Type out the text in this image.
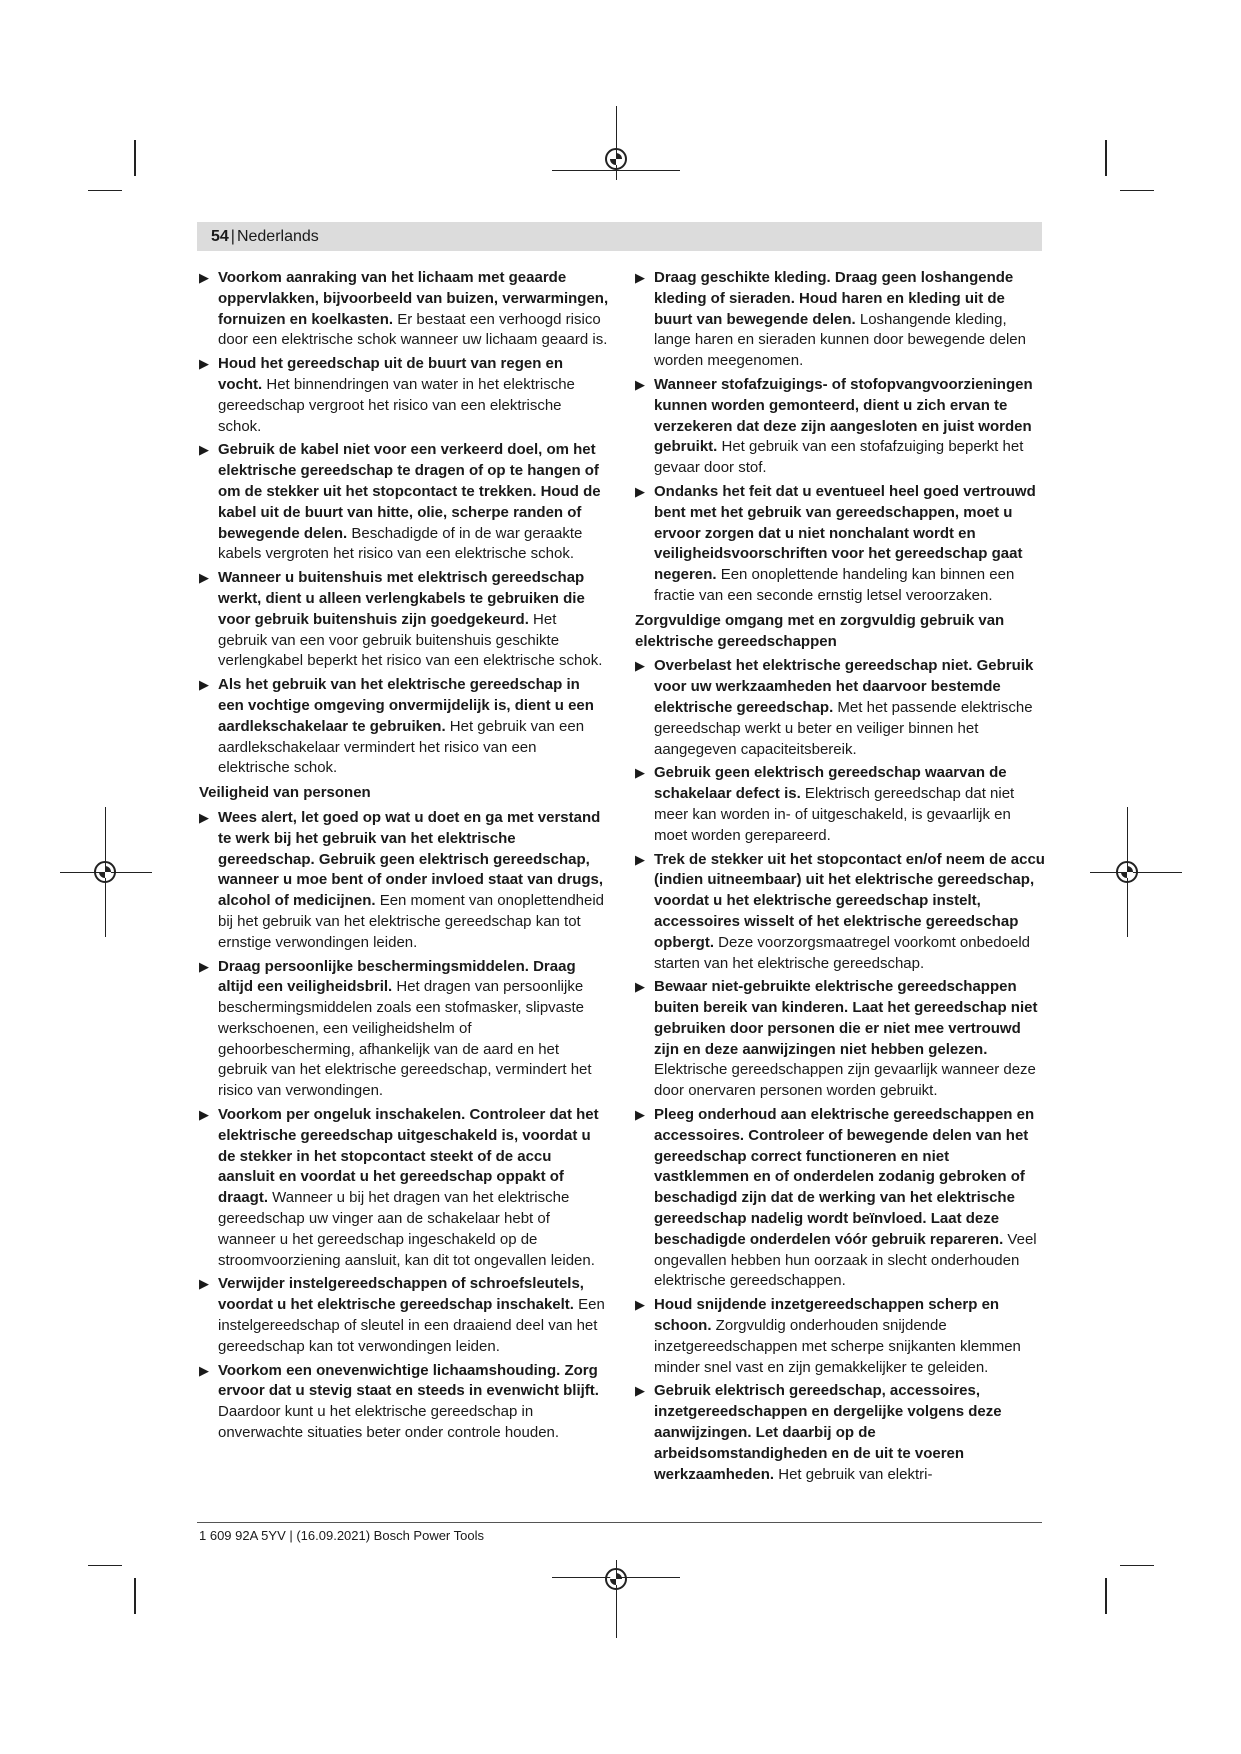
54 | Nederlands
▶ Voorkom aanraking van het lichaam met geaarde oppervlakken, bijvoorbeeld van buizen, verwarmingen, fornuizen en koelkasten. Er bestaat een verhoogd risico door een elektrische schok wanneer uw lichaam geaard is.
▶ Houd het gereedschap uit de buurt van regen en vocht. Het binnendringen van water in het elektrische gereedschap vergroot het risico van een elektrische schok.
▶ Gebruik de kabel niet voor een verkeerd doel, om het elektrische gereedschap te dragen of op te hangen of om de stekker uit het stopcontact te trekken. Houd de kabel uit de buurt van hitte, olie, scherpe randen of bewegende delen. Beschadigde of in de war geraakte kabels vergroten het risico van een elektrische schok.
▶ Wanneer u buitenshuis met elektrisch gereedschap werkt, dient u alleen verlengkabels te gebruiken die voor gebruik buitenshuis zijn goedgekeurd. Het gebruik van een voor gebruik buitenshuis geschikte verlengkabel beperkt het risico van een elektrische schok.
▶ Als het gebruik van het elektrische gereedschap in een vochtige omgeving onvermijdelijk is, dient u een aardlekschakelaar te gebruiken. Het gebruik van een aardlekschakelaar vermindert het risico van een elektrische schok.
Veiligheid van personen
▶ Wees alert, let goed op wat u doet en ga met verstand te werk bij het gebruik van het elektrische gereedschap. Gebruik geen elektrisch gereedschap, wanneer u moe bent of onder invloed staat van drugs, alcohol of medicijnen. Een moment van onoplettendheid bij het gebruik van het elektrische gereedschap kan tot ernstige verwondingen leiden.
▶ Draag persoonlijke beschermingsmiddelen. Draag altijd een veiligheidsbril. Het dragen van persoonlijke beschermingsmiddelen zoals een stofmasker, slipvaste werkschoenen, een veiligheidshelm of gehoorbescherming, afhankelijk van de aard en het gebruik van het elektrische gereedschap, vermindert het risico van verwondingen.
▶ Voorkom per ongeluk inschakelen. Controleer dat het elektrische gereedschap uitgeschakeld is, voordat u de stekker in het stopcontact steekt of de accu aansluit en voordat u het gereedschap oppakt of draagt. Wanneer u bij het dragen van het elektrische gereedschap uw vinger aan de schakelaar hebt of wanneer u het gereedschap ingeschakeld op de stroomvoorziening aansluit, kan dit tot ongevallen leiden.
▶ Verwijder instelgereedschappen of schroefsleutels, voordat u het elektrische gereedschap inschakelt. Een instelgereedschap of sleutel in een draaiend deel van het gereedschap kan tot verwondingen leiden.
▶ Voorkom een onevenwichtige lichaamshouding. Zorg ervoor dat u stevig staat en steeds in evenwicht blijft. Daardoor kunt u het elektrische gereedschap in onverwachte situaties beter onder controle houden.
▶ Draag geschikte kleding. Draag geen loshangende kleding of sieraden. Houd haren en kleding uit de buurt van bewegende delen. Loshangende kleding, lange haren en sieraden kunnen door bewegende delen worden meegenomen.
▶ Wanneer stofafzuigings- of stofopvangvoorzieningen kunnen worden gemonteerd, dient u zich ervan te verzekeren dat deze zijn aangesloten en juist worden gebruikt. Het gebruik van een stofafzuiging beperkt het gevaar door stof.
▶ Ondanks het feit dat u eventueel heel goed vertrouwd bent met het gebruik van gereedschappen, moet u ervoor zorgen dat u niet nonchalant wordt en veiligheidsvoorschriften voor het gereedschap gaat negeren. Een onoplettende handeling kan binnen een fractie van een seconde ernstig letsel veroorzaken.
Zorgvuldige omgang met en zorgvuldig gebruik van elektrische gereedschappen
▶ Overbelast het elektrische gereedschap niet. Gebruik voor uw werkzaamheden het daarvoor bestemde elektrische gereedschap. Met het passende elektrische gereedschap werkt u beter en veiliger binnen het aangegeven capaciteitsbereik.
▶ Gebruik geen elektrisch gereedschap waarvan de schakelaar defect is. Elektrisch gereedschap dat niet meer kan worden in- of uitgeschakeld, is gevaarlijk en moet worden gerepareerd.
▶ Trek de stekker uit het stopcontact en/of neem de accu (indien uitneembaar) uit het elektrische gereedschap, voordat u het elektrische gereedschap instelt, accessoires wisselt of het elektrische gereedschap opbergt. Deze voorzorgsmaatregel voorkomt onbedoeld starten van het elektrische gereedschap.
▶ Bewaar niet-gebruikte elektrische gereedschappen buiten bereik van kinderen. Laat het gereedschap niet gebruiken door personen die er niet mee vertrouwd zijn en deze aanwijzingen niet hebben gelezen. Elektrische gereedschappen zijn gevaarlijk wanneer deze door onervaren personen worden gebruikt.
▶ Pleeg onderhoud aan elektrische gereedschappen en accessoires. Controleer of bewegende delen van het gereedschap correct functioneren en niet vastklemmen en of onderdelen zodanig gebroken of beschadigd zijn dat de werking van het elektrische gereedschap nadelig wordt beïnvloed. Laat deze beschadigde onderdelen vóór gebruik repareren. Veel ongevallen hebben hun oorzaak in slecht onderhouden elektrische gereedschappen.
▶ Houd snijdende inzetgereedschappen scherp en schoon. Zorgvuldig onderhouden snijdende inzetgereedschappen met scherpe snijkanten klemmen minder snel vast en zijn gemakkelijker te geleiden.
▶ Gebruik elektrisch gereedschap, accessoires, inzetgereedschappen en dergelijke volgens deze aanwijzingen. Let daarbij op de arbeidsomstandigheden en de uit te voeren werkzaamheden. Het gebruik van elektri-
1 609 92A 5YV | (16.09.2021) Bosch Power Tools
